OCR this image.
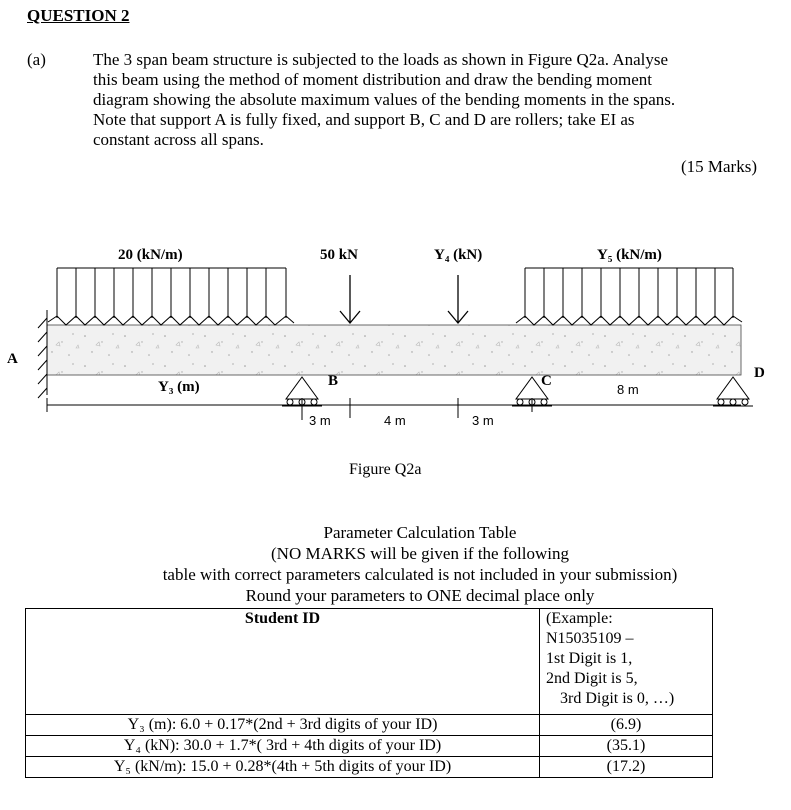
QUESTION 2
(a)	The 3 span beam structure is subjected to the loads as shown in Figure Q2a. Analyse
this beam using the method of moment distribution and draw the bending moment
diagram showing the absolute maximum values of the bending moments in the spans.
Note that support A is fully fixed, and support B, C and D are rollers; take EI as
constant across all spans.
(15 Marks)
20 (kN/m)	50 kN	Y₄ (kN)	Y₅ (kN/m)
A
B	C	D
Y₃ (m)
3 m	4 m	3 m
8 m
Figure Q2a
Parameter Calculation Table
(NO MARKS will be given if the following
table with correct parameters calculated is not included in your submission)
Round your parameters to ONE decimal place only
Student ID	(Example:
N15035109 –
1st Digit is 1,
2nd Digit is 5,
3rd Digit is 0, …)

Y₃ (m): 6.0 + 0.17*(2nd + 3rd digits of your ID)	(6.9)
Y₄ (kN): 30.0 + 1.7*( 3rd + 4th digits of your ID)	(35.1)
Y₅ (kN/m): 15.0 + 0.28*(4th + 5th digits of your ID)	(17.2)
